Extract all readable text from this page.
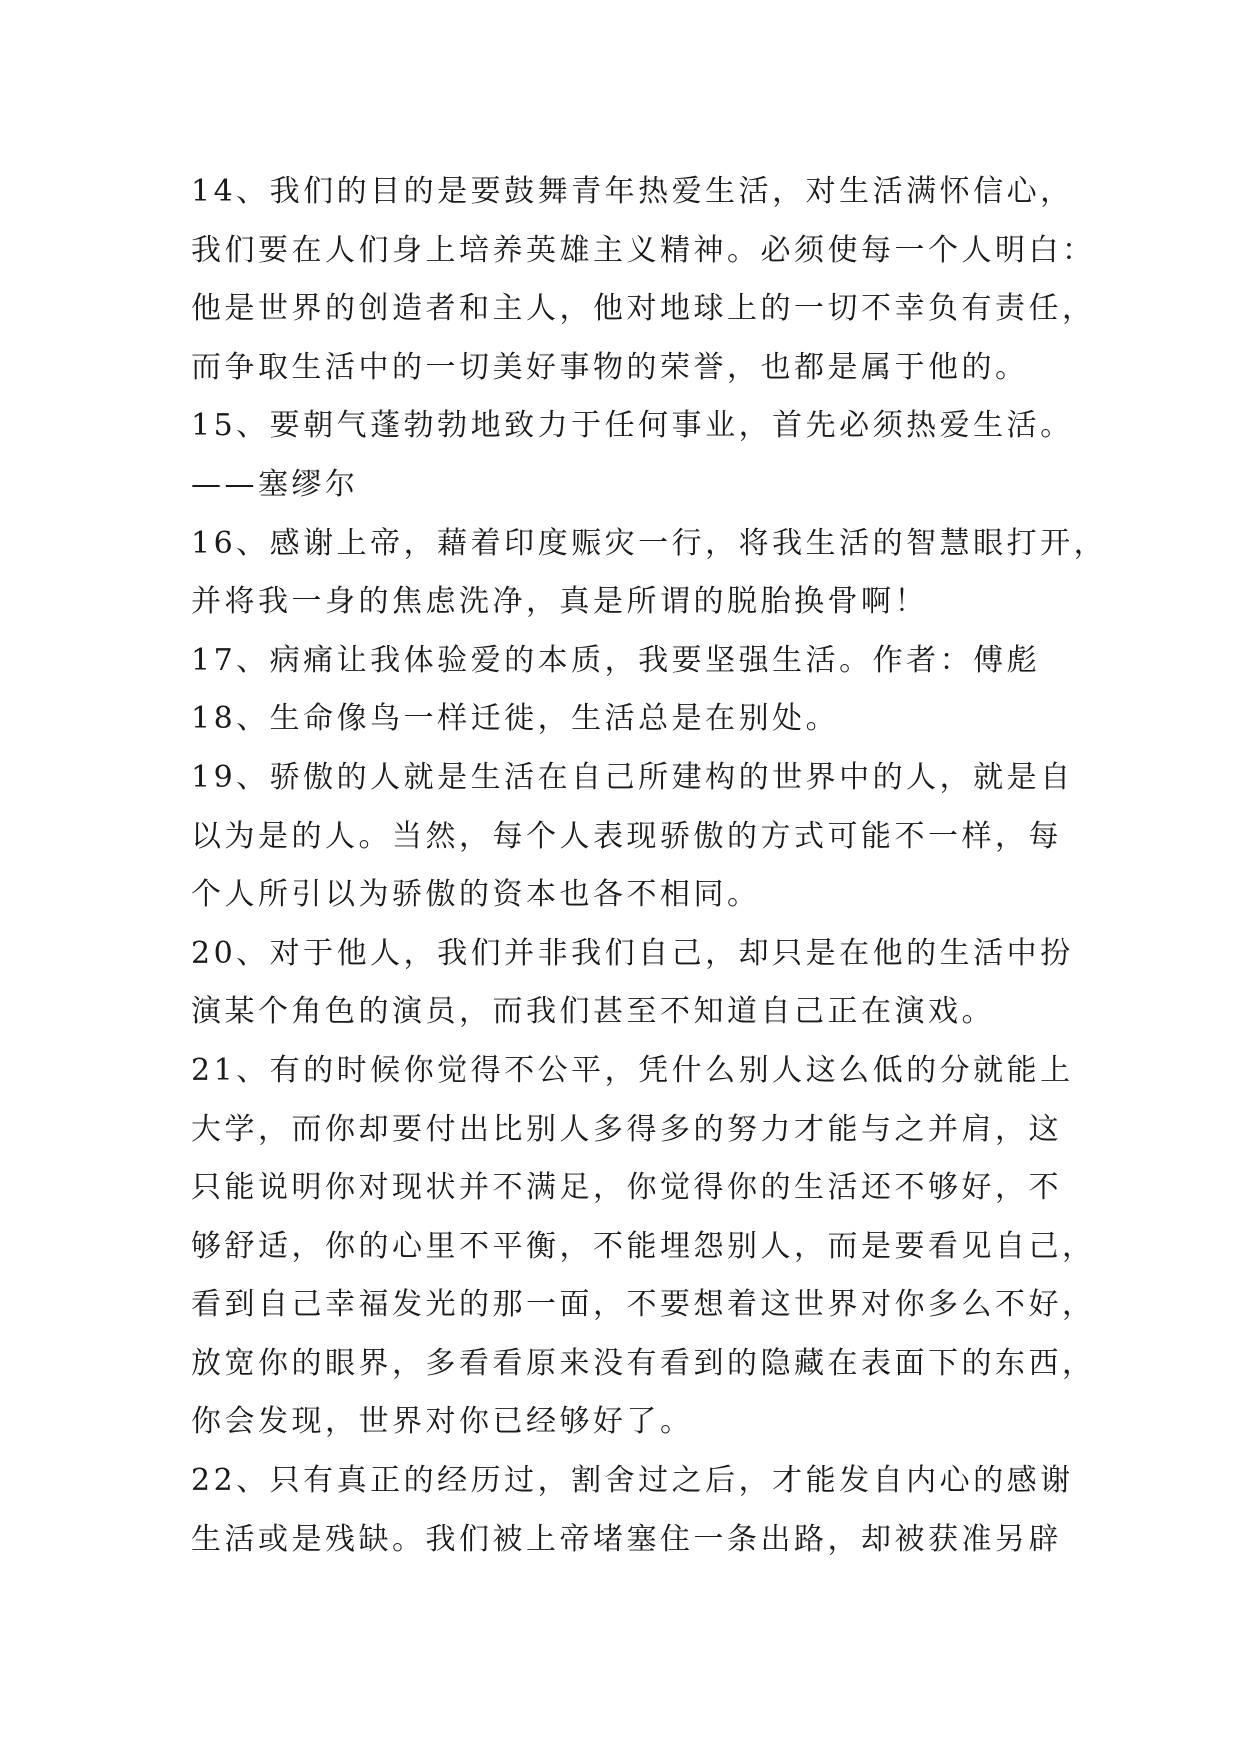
14、我们的目的是要鼓舞青年热爱生活，对生活满怀信心，
我们要在人们身上培养英雄主义精神。必须使每一个人明白：
他是世界的创造者和主人，他对地球上的一切不幸负有责任，
而争取生活中的一切美好事物的荣誉，也都是属于他的。
15、要朝气蓬勃勃地致力于任何事业，首先必须热爱生活。
——塞缪尔
16、感谢上帝，藉着印度赈灾一行，将我生活的智慧眼打开，
并将我一身的焦虑洗净，真是所谓的脱胎换骨啊！
17、病痛让我体验爱的本质，我要坚强生活。作者：傅彪
18、生命像鸟一样迁徙，生活总是在别处。
19、骄傲的人就是生活在自己所建构的世界中的人，就是自
以为是的人。当然，每个人表现骄傲的方式可能不一样，每
个人所引以为骄傲的资本也各不相同。
20、对于他人，我们并非我们自己，却只是在他的生活中扮
演某个角色的演员，而我们甚至不知道自己正在演戏。
21、有的时候你觉得不公平，凭什么别人这么低的分就能上
大学，而你却要付出比别人多得多的努力才能与之并肩，这
只能说明你对现状并不满足，你觉得你的生活还不够好，不
够舒适，你的心里不平衡，不能埋怨别人，而是要看见自己，
看到自己幸福发光的那一面，不要想着这世界对你多么不好，
放宽你的眼界，多看看原来没有看到的隐藏在表面下的东西，
你会发现，世界对你已经够好了。
22、只有真正的经历过，割舍过之后，才能发自内心的感谢
生活或是残缺。我们被上帝堵塞住一条出路，却被获准另辟
